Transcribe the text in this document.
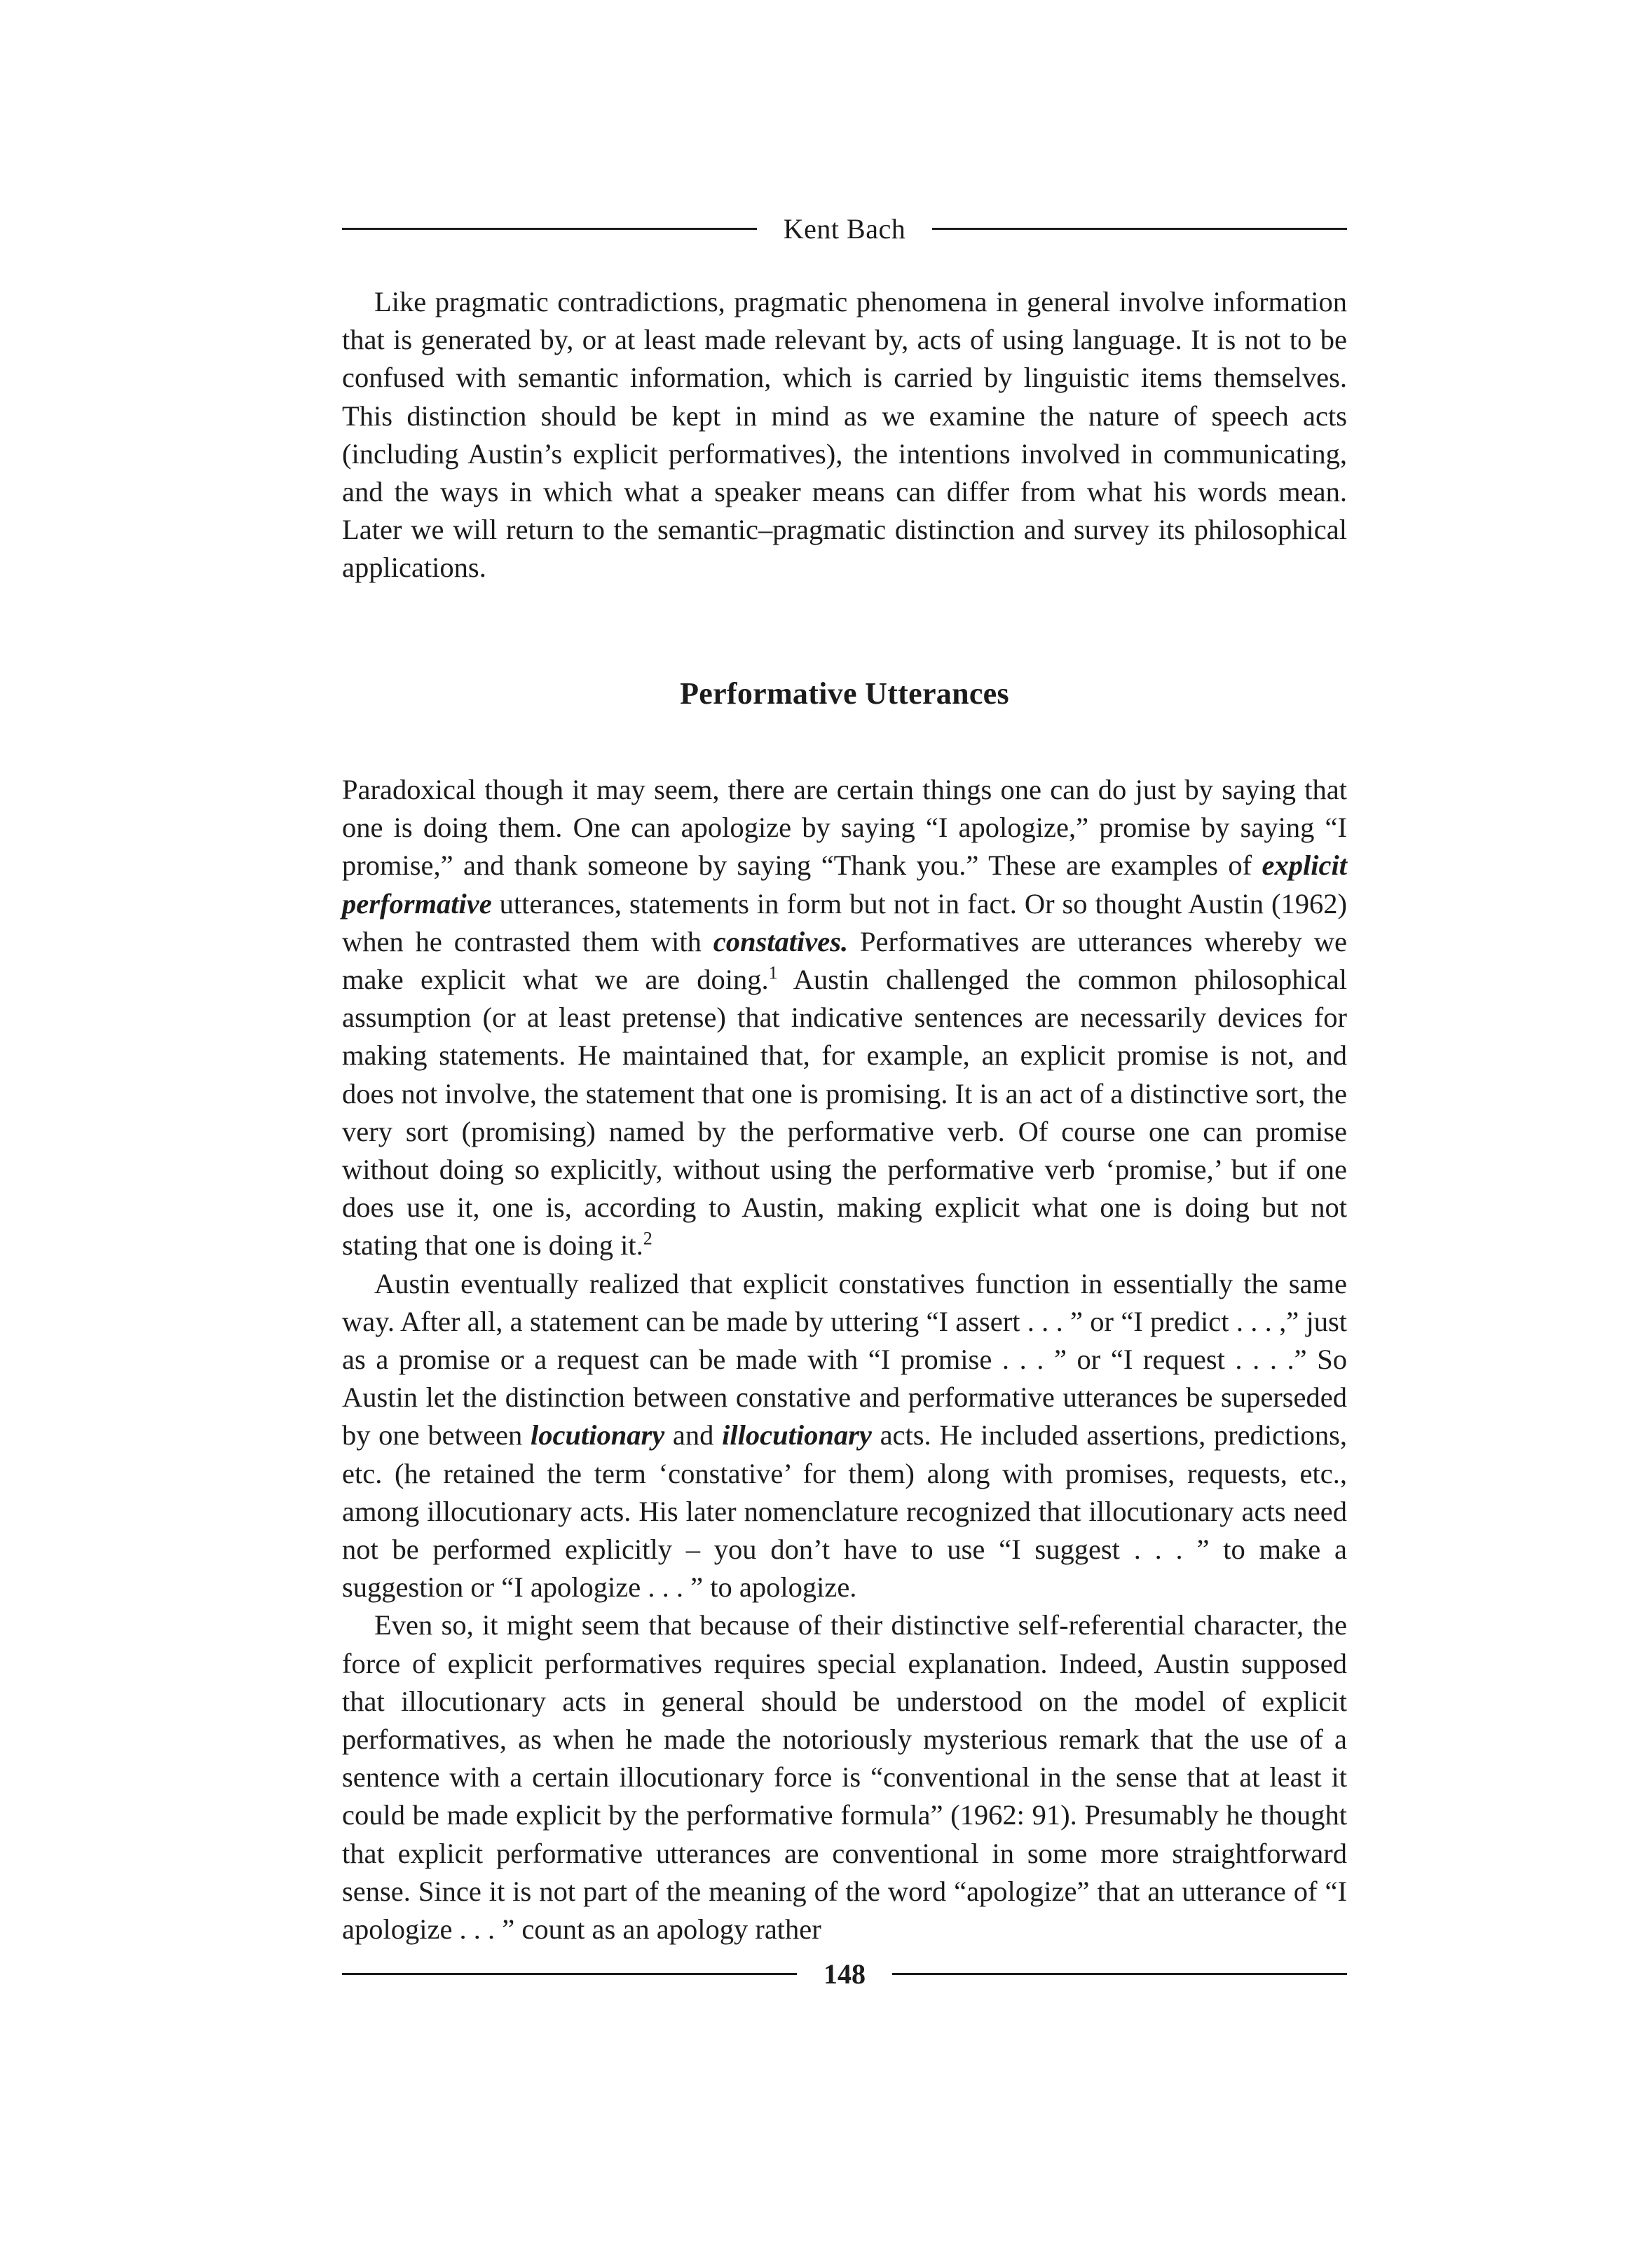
Kent Bach

Like pragmatic contradictions, pragmatic phenomena in general involve information that is generated by, or at least made relevant by, acts of using language. It is not to be confused with semantic information, which is carried by linguistic items themselves. This distinction should be kept in mind as we examine the nature of speech acts (including Austin’s explicit performatives), the intentions involved in communicating, and the ways in which what a speaker means can differ from what his words mean. Later we will return to the semantic–pragmatic distinction and survey its philosophical applications.

Performative Utterances

Paradoxical though it may seem, there are certain things one can do just by saying that one is doing them. One can apologize by saying “I apologize,” promise by saying “I promise,” and thank someone by saying “Thank you.” These are examples of explicit performative utterances, statements in form but not in fact. Or so thought Austin (1962) when he contrasted them with constatives. Performatives are utterances whereby we make explicit what we are doing.$^1$ Austin challenged the common philosophical assumption (or at least pretense) that indicative sentences are necessarily devices for making statements. He maintained that, for example, an explicit promise is not, and does not involve, the statement that one is promising. It is an act of a distinctive sort, the very sort (promising) named by the performative verb. Of course one can promise without doing so explicitly, without using the performative verb ‘promise,’ but if one does use it, one is, according to Austin, making explicit what one is doing but not stating that one is doing it.$^2$

Austin eventually realized that explicit constatives function in essentially the same way. After all, a statement can be made by uttering “I assert . . . ” or “I predict . . . ,” just as a promise or a request can be made with “I promise . . . ” or “I request . . . .” So Austin let the distinction between constative and performative utterances be superseded by one between locutionary and illocutionary acts. He included assertions, predictions, etc. (he retained the term ‘constative’ for them) along with promises, requests, etc., among illocutionary acts. His later nomenclature recognized that illocutionary acts need not be performed explicitly – you don’t have to use “I suggest . . . ” to make a suggestion or “I apologize . . . ” to apologize.

Even so, it might seem that because of their distinctive self-referential character, the force of explicit performatives requires special explanation. Indeed, Austin supposed that illocutionary acts in general should be understood on the model of explicit performatives, as when he made the notoriously mysterious remark that the use of a sentence with a certain illocutionary force is “conventional in the sense that at least it could be made explicit by the performative formula” (1962: 91). Presumably he thought that explicit performative utterances are conventional in some more straightforward sense. Since it is not part of the meaning of the word “apologize” that an utterance of “I apologize . . . ” count as an apology rather

148
